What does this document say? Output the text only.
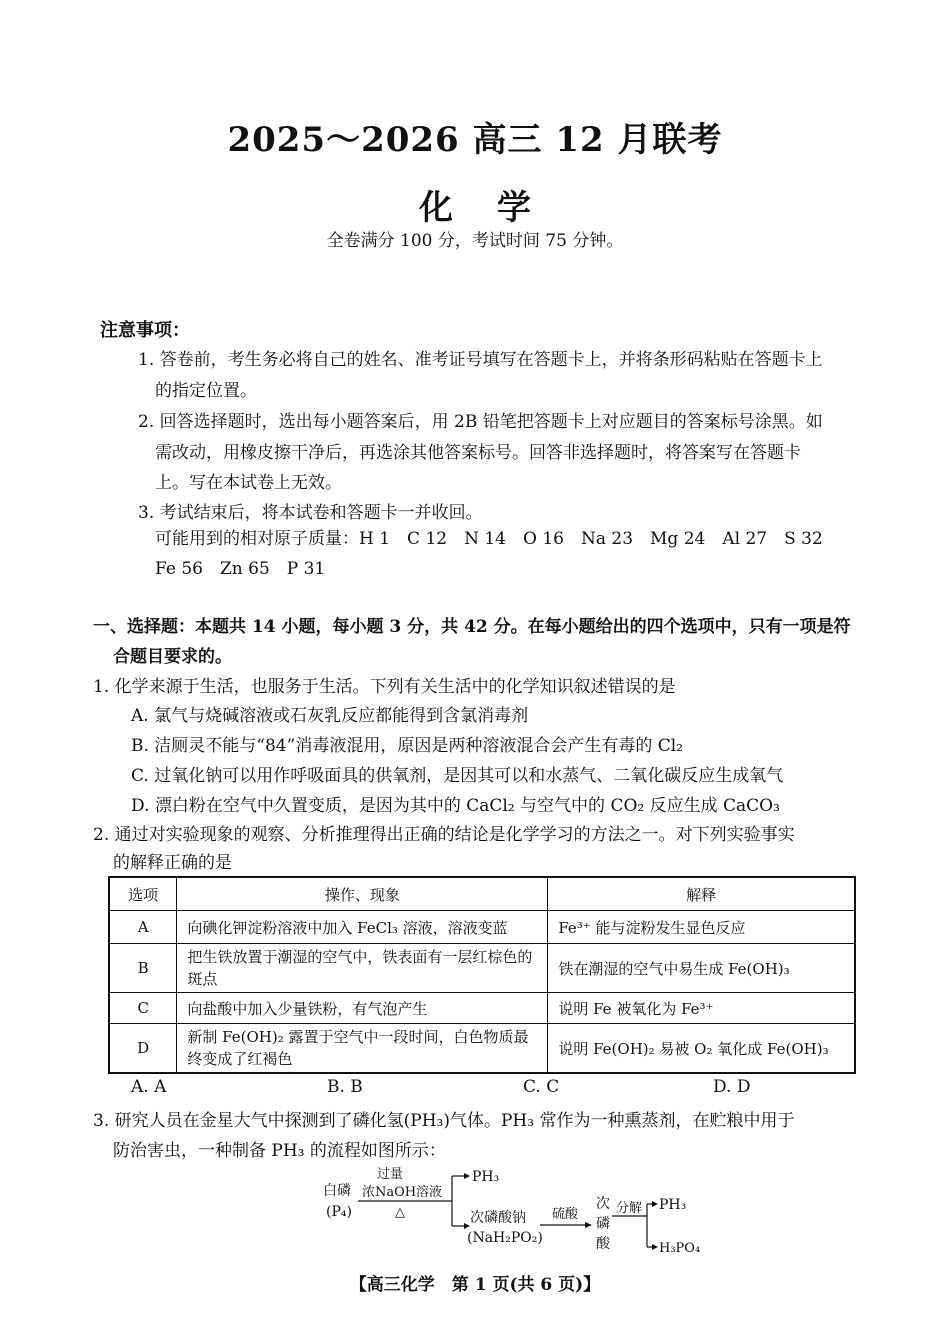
2025～2026 高三 12 月联考
化学
全卷满分 100 分，考试时间 75 分钟。
注意事项：
1. 答卷前，考生务必将自己的姓名、准考证号填写在答题卡上，并将条形码粘贴在答题卡上
的指定位置。
2. 回答选择题时，选出每小题答案后，用 2B 铅笔把答题卡上对应题目的答案标号涂黑。如
需改动，用橡皮擦干净后，再选涂其他答案标号。回答非选择题时，将答案写在答题卡
上。写在本试卷上无效。
3. 考试结束后，将本试卷和答题卡一并收回。
可能用到的相对原子质量：H 1　C 12　N 14　O 16　Na 23　Mg 24　Al 27　S 32
Fe 56　Zn 65　P 31
一、选择题：本题共 14 小题，每小题 3 分，共 42 分。在每小题给出的四个选项中，只有一项是符
合题目要求的。
1. 化学来源于生活，也服务于生活。下列有关生活中的化学知识叙述错误的是
A. 氯气与烧碱溶液或石灰乳反应都能得到含氯消毒剂
B. 洁厕灵不能与“84”消毒液混用，原因是两种溶液混合会产生有毒的 Cl₂
C. 过氧化钠可以用作呼吸面具的供氧剂，是因其可以和水蒸气、二氧化碳反应生成氧气
D. 漂白粉在空气中久置变质，是因为其中的 CaCl₂ 与空气中的 CO₂ 反应生成 CaCO₃
2. 通过对实验现象的观察、分析推理得出正确的结论是化学学习的方法之一。对下列实验事实
的解释正确的是
选项	操作、现象	解释
A	向碘化钾淀粉溶液中加入 FeCl₃ 溶液，溶液变蓝	Fe³⁺ 能与淀粉发生显色反应
B	把生铁放置于潮湿的空气中，铁表面有一层红棕色的斑点	铁在潮湿的空气中易生成 Fe(OH)₃
C	向盐酸中加入少量铁粉，有气泡产生	说明 Fe 被氧化为 Fe³⁺
D	新制 Fe(OH)₂ 露置于空气中一段时间，白色物质最终变成了红褐色	说明 Fe(OH)₂ 易被 O₂ 氧化成 Fe(OH)₃
A. A	B. B	C. C	D. D
3. 研究人员在金星大气中探测到了磷化氢(PH₃)气体。PH₃ 常作为一种熏蒸剂，在贮粮中用于
防治害虫，一种制备 PH₃ 的流程如图所示：
白磷
(P₄)
过量
浓NaOH溶液
△
PH₃
次磷酸钠
(NaH₂PO₂)
硫酸
次
磷
酸
分解 PH₃
H₃PO₄
【高三化学　第 1 页(共 6 页)】
